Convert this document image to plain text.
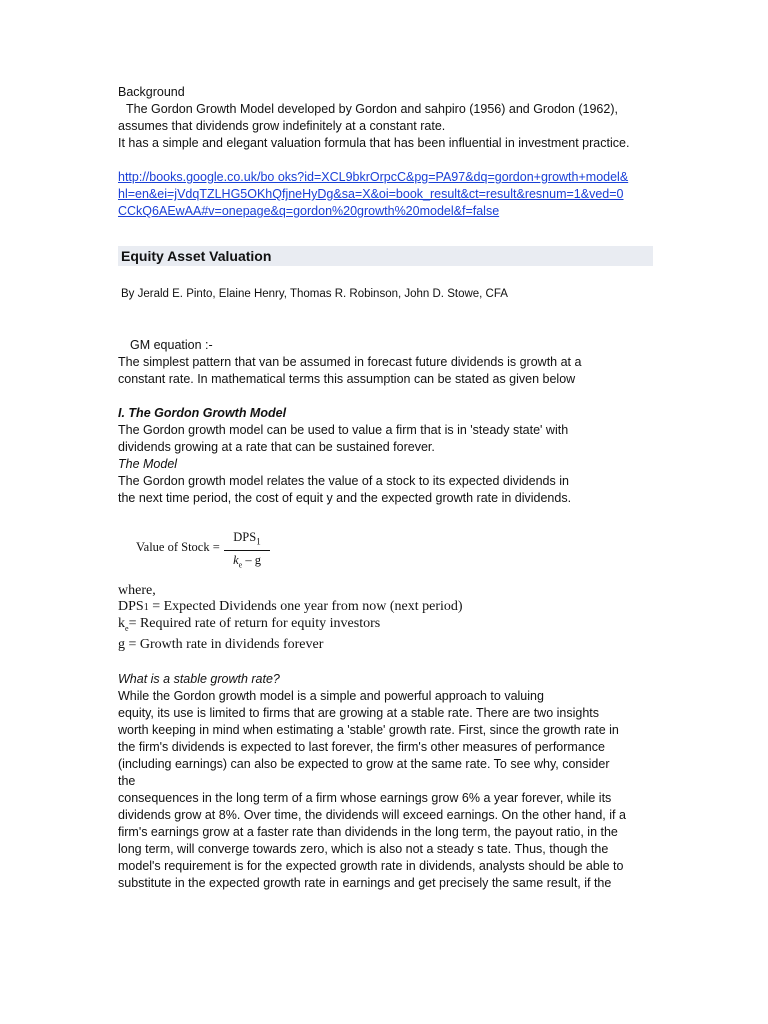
Background

The Gordon Growth Model developed by Gordon and sahpiro (1956) and Grodon (1962),

assumes that dividends grow indefinitely at a constant rate.

It has a simple and elegant valuation formula that has been influential in investment practice.

http://books.google.co.uk/bo oks?id=XCL9bkrOrpcC&pg=PA97&dq=gordon+growth+model&
hl=en&ei=jVdqTZLHG5OKhQfjneHyDg&sa=X&oi=book_result&ct=result&resnum=1&ved=0
CCkQ6AEwAA#v=onepage&q=gordon%20growth%20model&f=false
Equity Asset Valuation

By Jerald E. Pinto, Elaine Henry, Thomas R. Robinson, John D. Stowe, CFA

GM equation :-

The simplest pattern that van be assumed in forecast future dividends is growth at a

constant rate. In mathematical terms this assumption can be stated as given below

I. The Gordon Growth Model

The Gordon growth model can be used to value a firm that is in 'steady state' with

dividends growing at a rate that can be sustained forever.

The Model

The Gordon growth model relates the value of a stock to its expected dividends in

the next time period, the cost of equit y and the expected growth rate in dividends.

Value of Stock =
$DPS_1$
$k_e$ – g

where,

DPS1 = Expected Dividends one year from now (next period)

$k_e=$ Required rate of return for equity investors

g = Growth rate in dividends forever

What is a stable growth rate?

While the Gordon growth model is a simple and powerful approach to valuing

equity, its use is limited to firms that are growing at a stable rate. There are two insights

worth keeping in mind when estimating a 'stable' growth rate. First, since the growth rate in

the firm's dividends is expected to last forever, the firm's other measures of performance

(including earnings) can also be expected to grow at the same rate. To see why, consider

the

consequences in the long term of a firm whose earnings grow 6% a year forever, while its

dividends grow at 8%. Over time, the dividends will exceed earnings. On the other hand, if a

firm's earnings grow at a faster rate than dividends in the long term, the payout ratio, in the

long term, will converge towards zero, which is also not a steady s tate. Thus, though the

model's requirement is for the expected growth rate in dividends, analysts should be able to

substitute in the expected growth rate in earnings and get precisely the same result, if the
